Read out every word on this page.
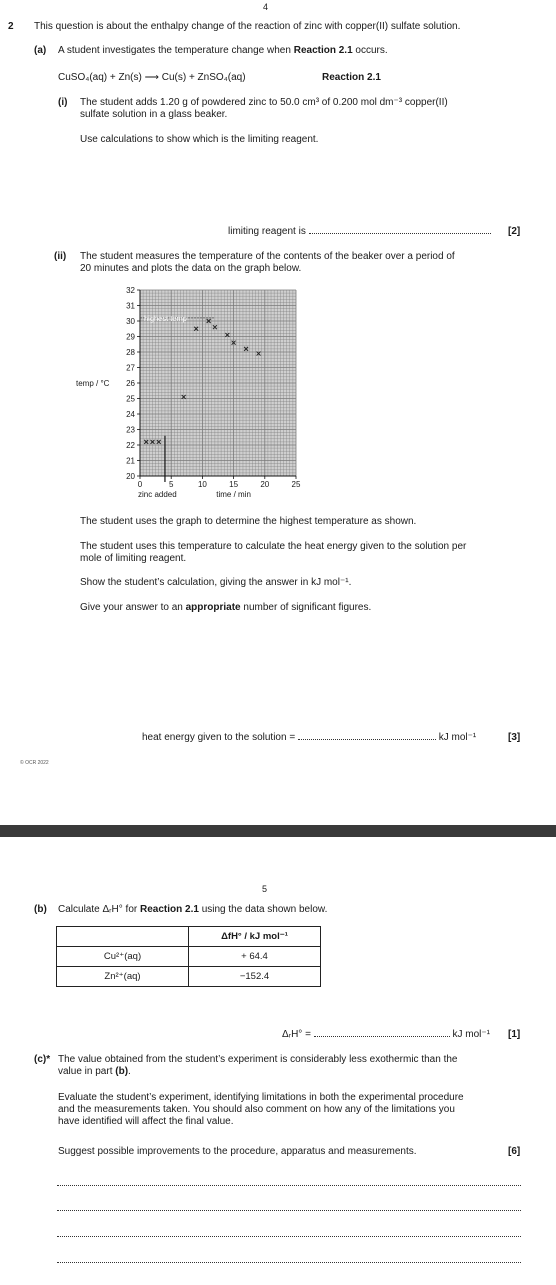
4
2 This question is about the enthalpy change of the reaction of zinc with copper(II) sulfate solution.
(a) A student investigates the temperature change when Reaction 2.1 occurs.
CuSO₄(aq) + Zn(s) ⟶ Cu(s) + ZnSO₄(aq)	Reaction 2.1
(i) The student adds 1.20 g of powdered zinc to 50.0 cm³ of 0.200 mol dm⁻³ copper(II)
sulfate solution in a glass beaker.
Use calculations to show which is the limiting reagent.
limiting reagent is	[2]
(ii) The student measures the temperature of the contents of the beaker over a period of
20 minutes and plots the data on the graph below.
20
21
22
23
24
25
26
27
28
29
30
31
32
0	5	10	15	20	25
temp / °C
time / min
zinc added
highest temp
The student uses the graph to determine the highest temperature as shown.
The student uses this temperature to calculate the heat energy given to the solution per
mole of limiting reagent.
Show the student’s calculation, giving the answer in kJ mol⁻¹.
Give your answer to an appropriate number of significant figures.
heat energy given to the solution =	kJ mol⁻¹	[3]
© OCR 2022
5
(b) Calculate ΔᵣH° for Reaction 2.1 using the data shown below.
	ΔfH° / kJ mol⁻¹
Cu²⁺(aq)	+ 64.4
Zn²⁺(aq)	−152.4
ΔᵣH° =	kJ mol⁻¹ [1]
(c)* The value obtained from the student’s experiment is considerably less exothermic than the
value in part (b).
Evaluate the student’s experiment, identifying limitations in both the experimental procedure
and the measurements taken. You should also comment on how any of the limitations you
have identified will affect the final value.
Suggest possible improvements to the procedure, apparatus and measurements.	[6]
